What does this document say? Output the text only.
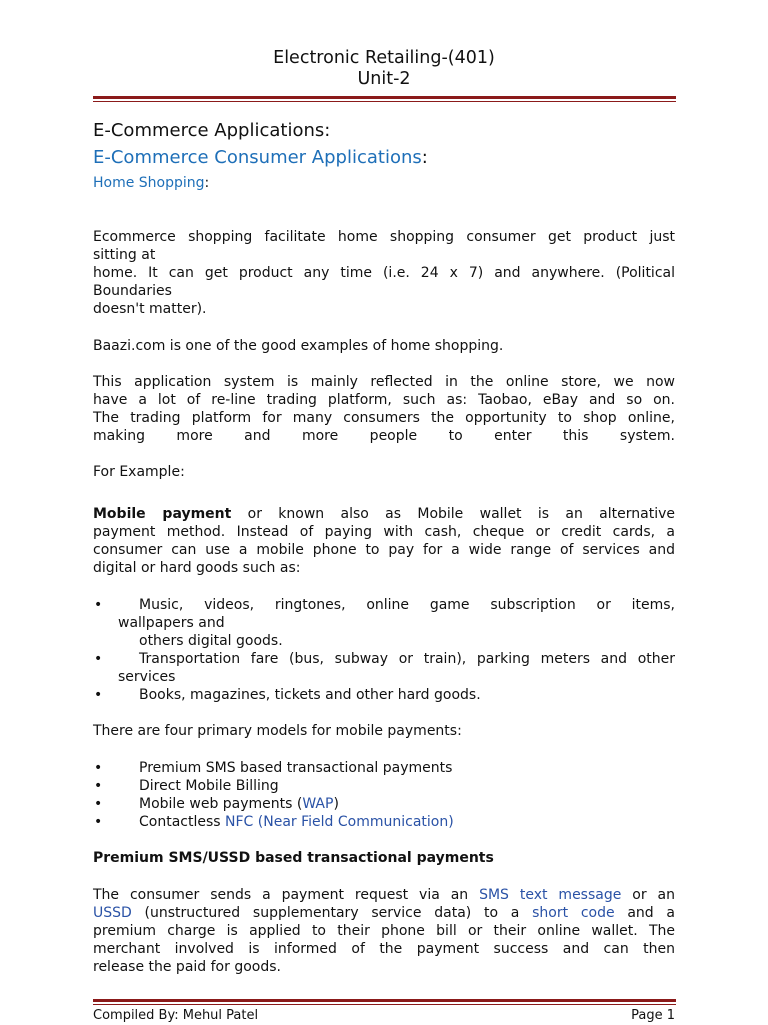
Electronic Retailing-(401)
Unit-2
E-Commerce Applications:
E-Commerce Consumer Applications:
Home Shopping:
Ecommerce shopping facilitate home shopping consumer get product just
sitting at
home. It can get product any time (i.e. 24 x 7) and anywhere. (Political
Boundaries
doesn't matter).
Baazi.com is one of the good examples of home shopping.
This application system is mainly reflected in the online store, we now
have a lot of re-line trading platform, such as: Taobao, eBay and so on.
The trading platform for many consumers the opportunity to shop online,
making more and more people to enter this system.
For Example:
Mobile payment or known also as Mobile wallet is an alternative
payment method. Instead of paying with cash, cheque or credit cards, a
consumer can use a mobile phone to pay for a wide range of services and
digital or hard goods such as:
•	Music, videos, ringtones, online game subscription or items,
wallpapers and
others digital goods.
•	Transportation fare (bus, subway or train), parking meters and other
services
•	Books, magazines, tickets and other hard goods.
There are four primary models for mobile payments:
•	Premium SMS based transactional payments
•	Direct Mobile Billing
•	Mobile web payments (WAP)
•	Contactless NFC (Near Field Communication)
Premium SMS/USSD based transactional payments
The consumer sends a payment request via an SMS text message or an
USSD (unstructured supplementary service data) to a short code and a
premium charge is applied to their phone bill or their online wallet. The
merchant involved is informed of the payment success and can then
release the paid for goods.
Compiled By: Mehul Patel	Page 1
